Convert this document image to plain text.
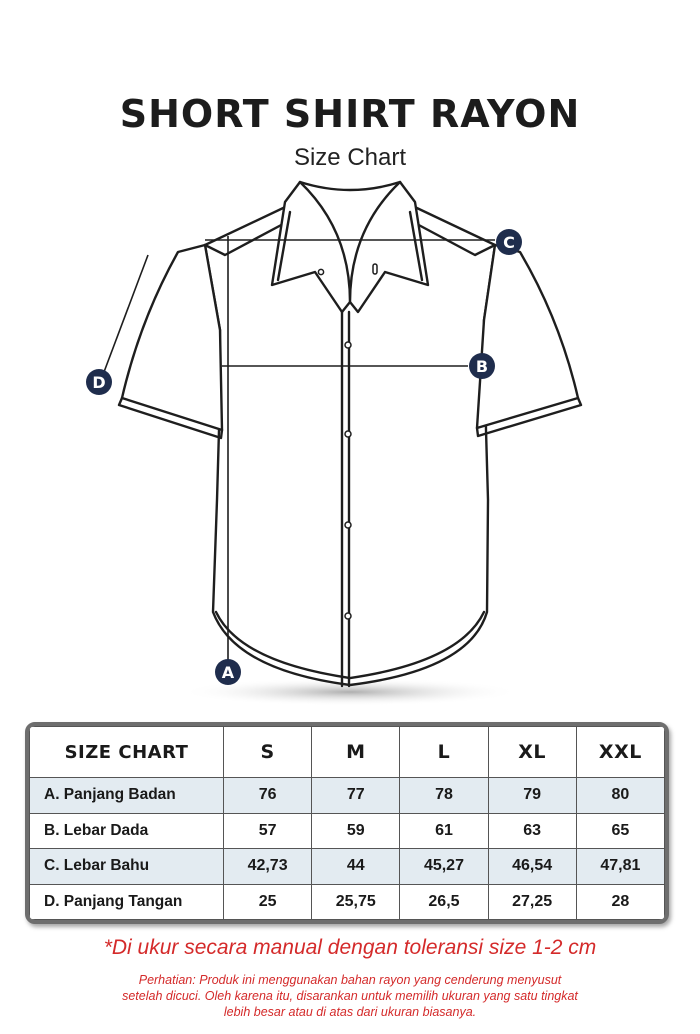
SHORT SHIRT RAYON
Size Chart
A
B
C
D
SIZE CHART	S	M	L	XL	XXL
A. Panjang Badan	76	77	78	79	80
B. Lebar Dada	57	59	61	63	65
C. Lebar Bahu	42,73	44	45,27	46,54	47,81
D. Panjang Tangan	25	25,75	26,5	27,25	28
*Di ukur secara manual dengan toleransi size 1-2 cm
Perhatian: Produk ini menggunakan bahan rayon yang cenderung menyusut
setelah dicuci. Oleh karena itu, disarankan untuk memilih ukuran yang satu tingkat
lebih besar atau di atas dari ukuran biasanya.
